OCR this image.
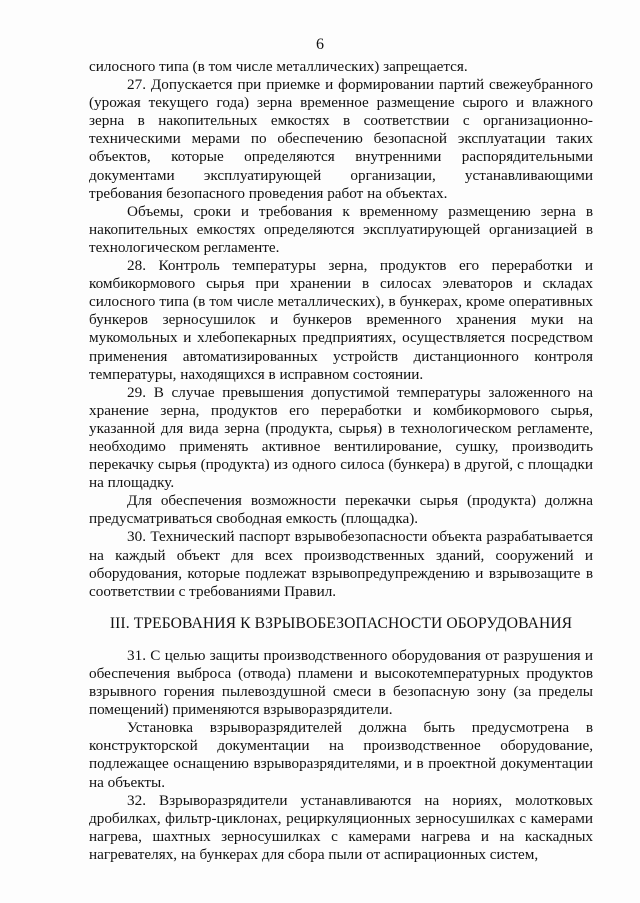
6

силосного типа (в том числе металлических) запрещается.

27. Допускается при приемке и формировании партий свежеубранного (урожая текущего года) зерна временное размещение сырого и влажного зерна в накопительных емкостях в соответствии с организационно-техническими мерами по обеспечению безопасной эксплуатации таких объектов, которые определяются внутренними распорядительными документами эксплуатирующей организации, устанавливающими требования безопасного проведения работ на объектах.

Объемы, сроки и требования к временному размещению зерна в накопительных емкостях определяются эксплуатирующей организацией в технологическом регламенте.

28. Контроль температуры зерна, продуктов его переработки и комбикормового сырья при хранении в силосах элеваторов и складах силосного типа (в том числе металлических), в бункерах, кроме оперативных бункеров зерносушилок и бункеров временного хранения муки на мукомольных и хлебопекарных предприятиях, осуществляется посредством применения автоматизированных устройств дистанционного контроля температуры, находящихся в исправном состоянии.

29. В случае превышения допустимой температуры заложенного на хранение зерна, продуктов его переработки и комбикормового сырья, указанной для вида зерна (продукта, сырья) в технологическом регламенте, необходимо применять активное вентилирование, сушку, производить перекачку сырья (продукта) из одного силоса (бункера) в другой, с площадки на площадку.

Для обеспечения возможности перекачки сырья (продукта) должна предусматриваться свободная емкость (площадка).

30. Технический паспорт взрывобезопасности объекта разрабатывается на каждый объект для всех производственных зданий, сооружений и оборудования, которые подлежат взрывопредупреждению и взрывозащите в соответствии с требованиями Правил.

III. ТРЕБОВАНИЯ К ВЗРЫВОБЕЗОПАСНОСТИ ОБОРУДОВАНИЯ

31. С целью защиты производственного оборудования от разрушения и обеспечения выброса (отвода) пламени и высокотемпературных продуктов взрывного горения пылевоздушной смеси в безопасную зону (за пределы помещений) применяются взрыворазрядители.

Установка взрыворазрядителей должна быть предусмотрена в конструкторской документации на производственное оборудование, подлежащее оснащению взрыворазрядителями, и в проектной документации на объекты.

32. Взрыворазрядители устанавливаются на нориях, молотковых дробилках, фильтр-циклонах, рециркуляционных зерносушилках с камерами нагрева, шахтных зерносушилках с камерами нагрева и на каскадных нагревателях, на бункерах для сбора пыли от аспирационных систем,
